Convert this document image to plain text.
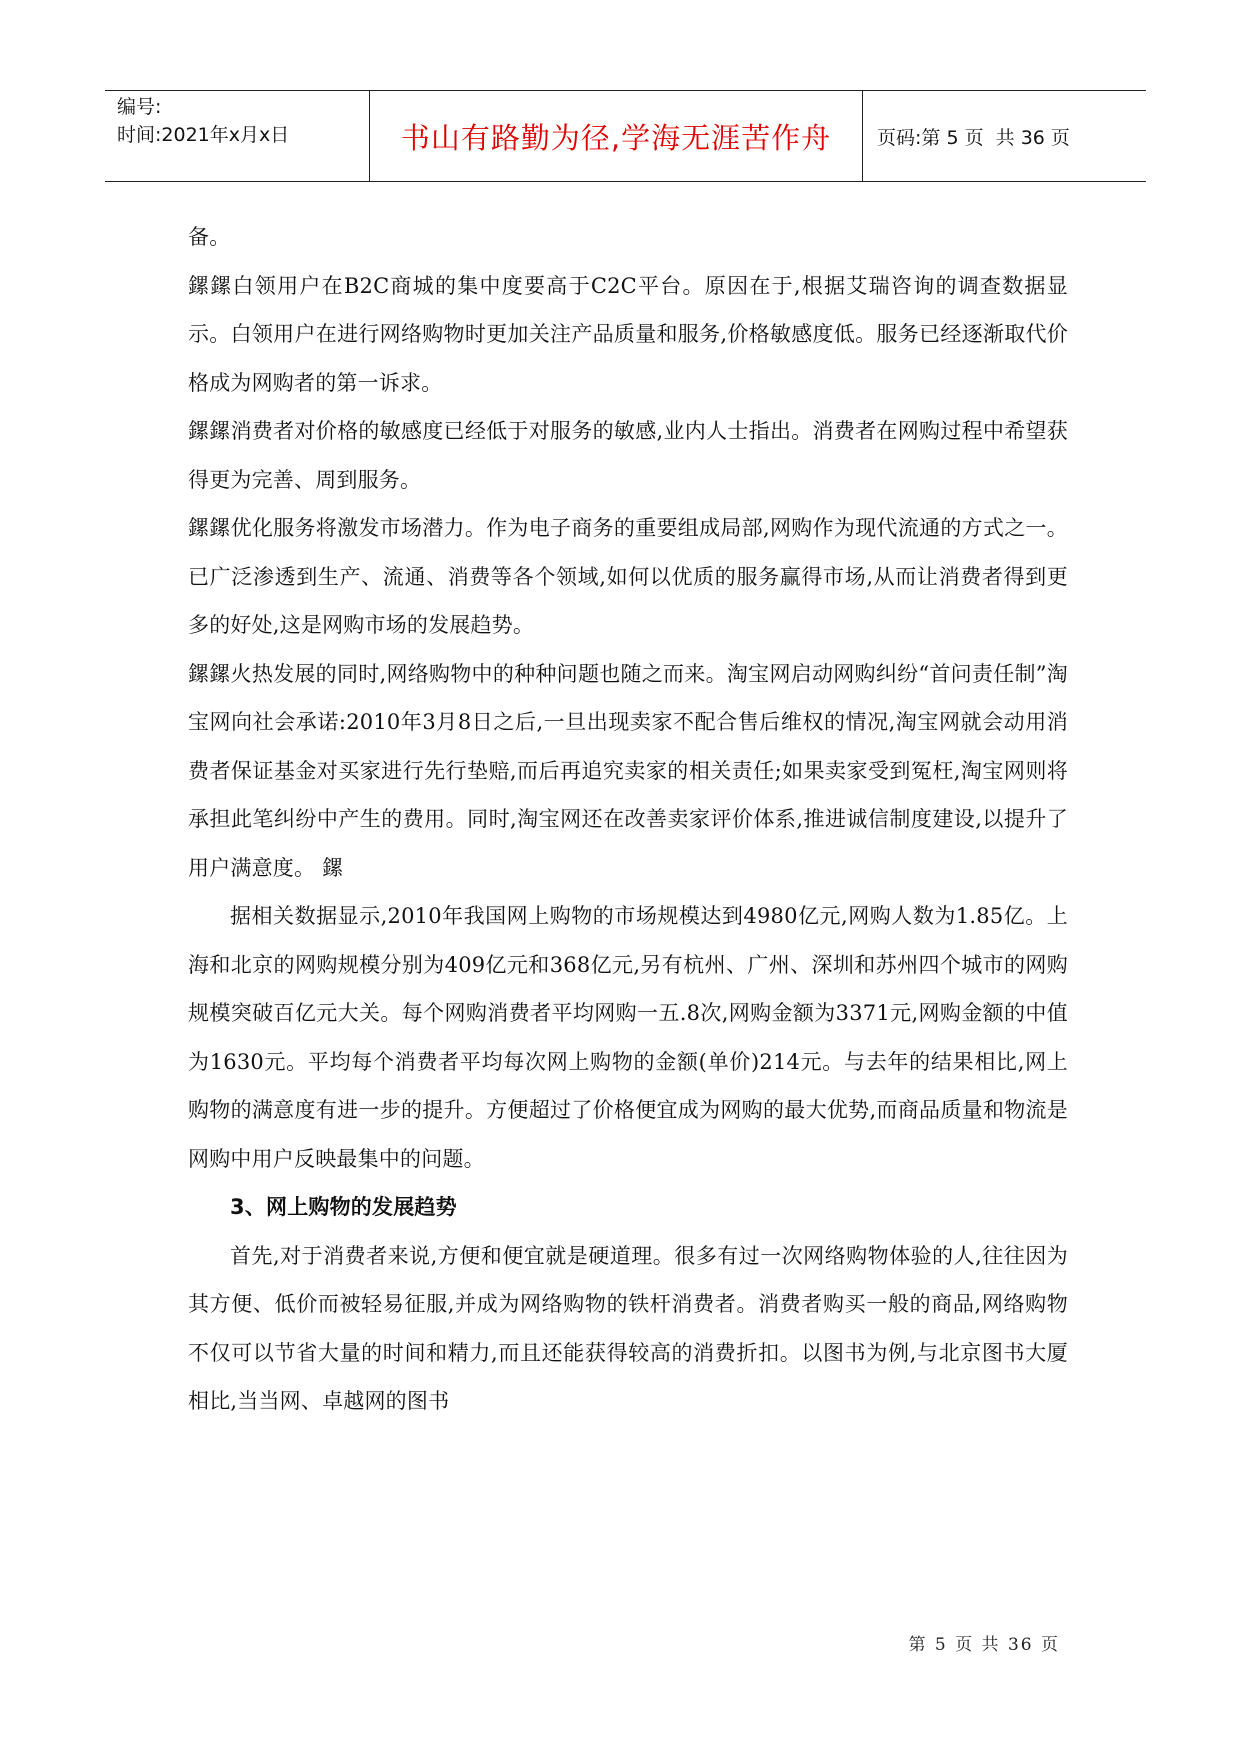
编号:
时间:2021年x月x日	书山有路勤为径,学海无涯苦作舟	页码:第 5 页  共 36 页

备。

鏍鏍白领用户在B2C商城的集中度要高于C2C平台。原因在于,根据艾瑞咨询的调查数据显示。白领用户在进行网络购物时更加关注产品质量和服务,价格敏感度低。服务已经逐渐取代价格成为网购者的第一诉求。

鏍鏍消费者对价格的敏感度已经低于对服务的敏感,业内人士指出。消费者在网购过程中希望获得更为完善、周到服务。

鏍鏍优化服务将激发市场潜力。作为电子商务的重要组成局部,网购作为现代流通的方式之一。已广泛渗透到生产、流通、消费等各个领域,如何以优质的服务赢得市场,从而让消费者得到更多的好处,这是网购市场的发展趋势。

鏍鏍火热发展的同时,网络购物中的种种问题也随之而来。淘宝网启动网购纠纷“首问责任制”淘宝网向社会承诺:2010年3月8日之后,一旦出现卖家不配合售后维权的情况,淘宝网就会动用消费者保证基金对买家进行先行垫赔,而后再追究卖家的相关责任;如果卖家受到冤枉,淘宝网则将承担此笔纠纷中产生的费用。同时,淘宝网还在改善卖家评价体系,推进诚信制度建设,以提升了用户满意度。 鏍

据相关数据显示,2010年我国网上购物的市场规模达到4980亿元,网购人数为1.85亿。上海和北京的网购规模分别为409亿元和368亿元,另有杭州、广州、深圳和苏州四个城市的网购规模突破百亿元大关。每个网购消费者平均网购一五.8次,网购金额为3371元,网购金额的中值为1630元。平均每个消费者平均每次网上购物的金额(单价)214元。与去年的结果相比,网上购物的满意度有进一步的提升。方便超过了价格便宜成为网购的最大优势,而商品质量和物流是网购中用户反映最集中的问题。

3、网上购物的发展趋势

首先,对于消费者来说,方便和便宜就是硬道理。很多有过一次网络购物体验的人,往往因为其方便、低价而被轻易征服,并成为网络购物的铁杆消费者。消费者购买一般的商品,网络购物不仅可以节省大量的时间和精力,而且还能获得较高的消费折扣。以图书为例,与北京图书大厦相比,当当网、卓越网的图书

第 5 页 共 36 页
